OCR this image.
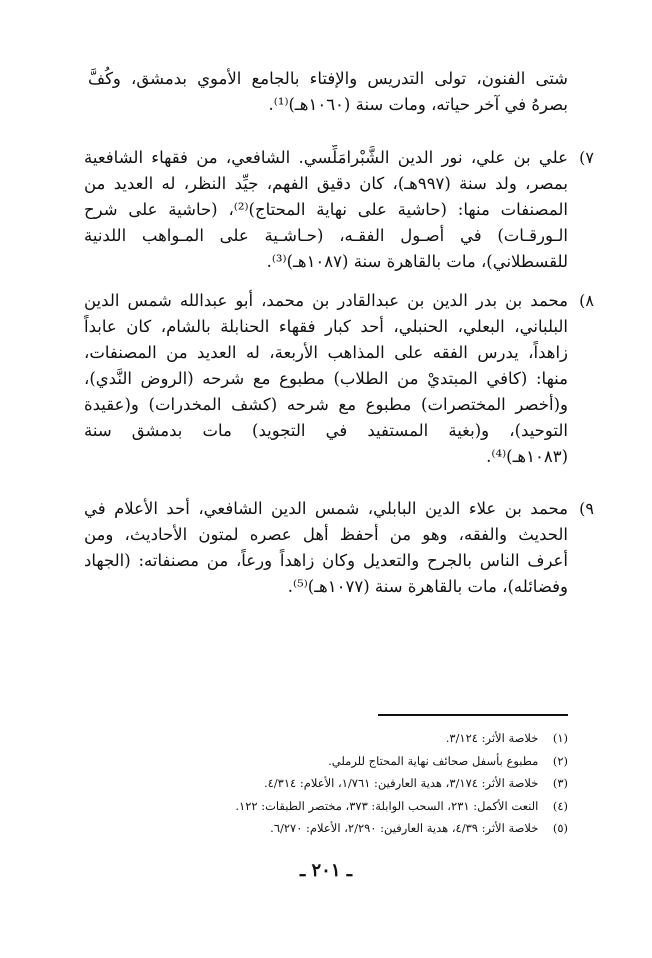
شتى الفنون، تولى التدريس والإفتاء بالجامع الأموي بدمشق، وكُفَّ
بصرهُ في آخر حياته، ومات سنة (١٠٦٠هـ)⁽¹⁾.
٧)
علي بن علي، نور الدين الشَّبْرامَلِّسي. الشافعي، من فقهاء الشافعية
بمصر، ولد سنة (٩٩٧هـ)، كان دقيق الفهم، جيِّد النظر، له العديد من
المصنفات منها: (حاشية على نهاية المحتاج)⁽²⁾، (حاشية على شرح
الـورقـات) في أصـول الفقـه، (حـاشـية على المـواهب اللدنية
للقسطلاني)، مات بالقاهرة سنة (١٠٨٧هـ)⁽³⁾.
٨)
محمد بن بدر الدين بن عبدالقادر بن محمد، أبو عبدالله شمس الدين
البلباني، البعلي، الحنبلي، أحد كبار فقهاء الحنابلة بالشام، كان عابداً
زاهداً، يدرس الفقه على المذاهب الأربعة، له العديد من المصنفات،
منها: (كافي المبتديْ من الطلاب) مطبوع مع شرحه (الروض النَّدي)،
و(أخصر المختصرات) مطبوع مع شرحه (كشف المخدرات) و(عقيدة
التوحيد)، و(بغية المستفيد في التجويد) مات بدمشق سنة
(١٠٨٣هـ)⁽⁴⁾.
٩)
محمد بن علاء الدين البابلي، شمس الدين الشافعي، أحد الأعلام في
الحديث والفقه، وهو من أحفظ أهل عصره لمتون الأحاديث، ومن
أعرف الناس بالجرح والتعديل وكان زاهداً ورعاً، من مصنفاته: (الجهاد
وفضائله)، مات بالقاهرة سنة (١٠٧٧هـ)⁽⁵⁾.
(١) خلاصة الأثر: ٣/١٢٤.
(٢) مطبوع بأسفل صحائف نهاية المحتاج للرملي.
(٣) خلاصة الأثر: ٣/١٧٤، هدية العارفين: ١/٧٦١، الأعلام: ٤/٣١٤.
(٤) النعت الأكمل: ٢٣١، السحب الوابلة: ٣٧٣، مختصر الطبقات: ١٢٢.
(٥) خلاصة الأثر: ٤/٣٩، هدية العارفين: ٢/٢٩٠، الأعلام: ٦/٢٧٠.
ـ ٢٠١ ـ
